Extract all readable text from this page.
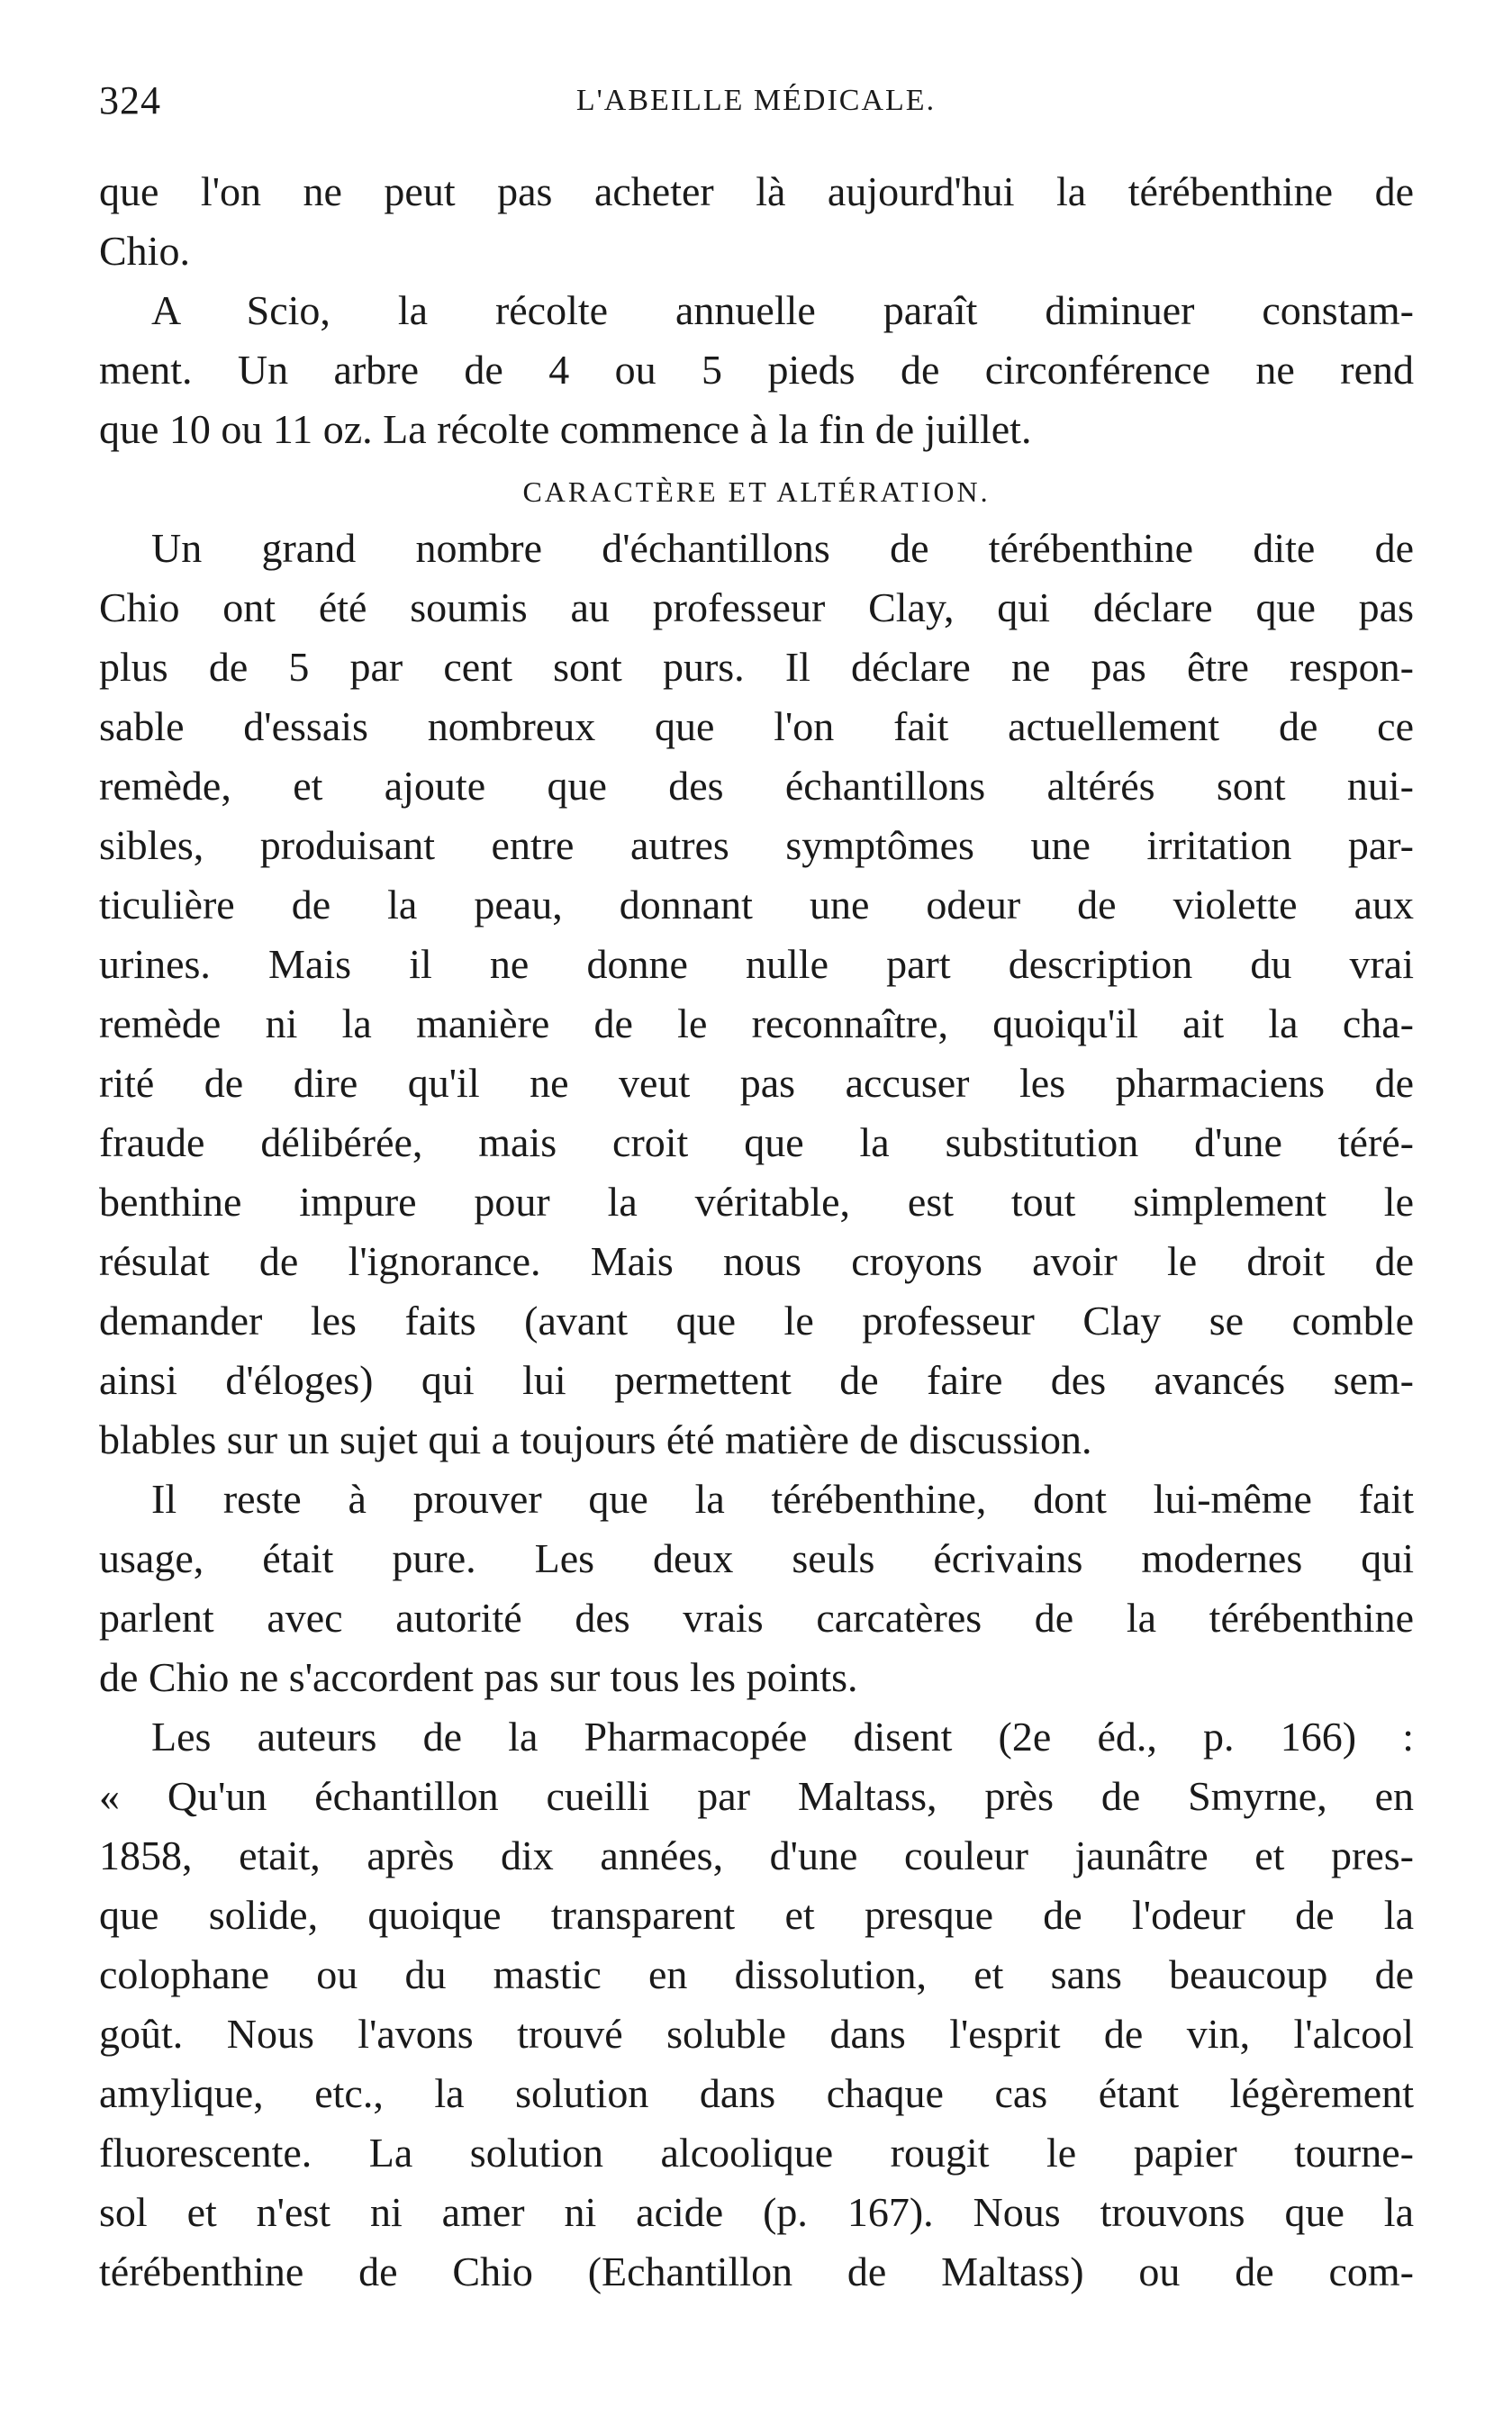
324	L'ABEILLE MÉDICALE.
que l'on ne peut pas acheter là aujourd'hui la térébenthine de
Chio.
A Scio, la récolte annuelle paraît diminuer constam-
ment. Un arbre de 4 ou 5 pieds de circonférence ne rend
que 10 ou 11 oz. La récolte commence à la fin de juillet.
CARACTÈRE ET ALTÉRATION.
Un grand nombre d'échantillons de térébenthine dite de
Chio ont été soumis au professeur Clay, qui déclare que pas
plus de 5 par cent sont purs. Il déclare ne pas être respon-
sable d'essais nombreux que l'on fait actuellement de ce
remède, et ajoute que des échantillons altérés sont nui-
sibles, produisant entre autres symptômes une irritation par-
ticulière de la peau, donnant une odeur de violette aux
urines. Mais il ne donne nulle part description du vrai
remède ni la manière de le reconnaître, quoiqu'il ait la cha-
rité de dire qu'il ne veut pas accuser les pharmaciens de
fraude délibérée, mais croit que la substitution d'une téré-
benthine impure pour la véritable, est tout simplement le
résulat de l'ignorance. Mais nous croyons avoir le droit de
demander les faits (avant que le professeur Clay se comble
ainsi d'éloges) qui lui permettent de faire des avancés sem-
blables sur un sujet qui a toujours été matière de discussion.
Il reste à prouver que la térébenthine, dont lui-même fait
usage, était pure. Les deux seuls écrivains modernes qui
parlent avec autorité des vrais carcatères de la térébenthine
de Chio ne s'accordent pas sur tous les points.
Les auteurs de la Pharmacopée disent (2e éd., p. 166) :
« Qu'un échantillon cueilli par Maltass, près de Smyrne, en
1858, etait, après dix années, d'une couleur jaunâtre et pres-
que solide, quoique transparent et presque de l'odeur de la
colophane ou du mastic en dissolution, et sans beaucoup de
goût. Nous l'avons trouvé soluble dans l'esprit de vin, l'alcool
amylique, etc., la solution dans chaque cas étant légèrement
fluorescente. La solution alcoolique rougit le papier tourne-
sol et n'est ni amer ni acide (p. 167). Nous trouvons que la
térébenthine de Chio (Echantillon de Maltass) ou de com-
